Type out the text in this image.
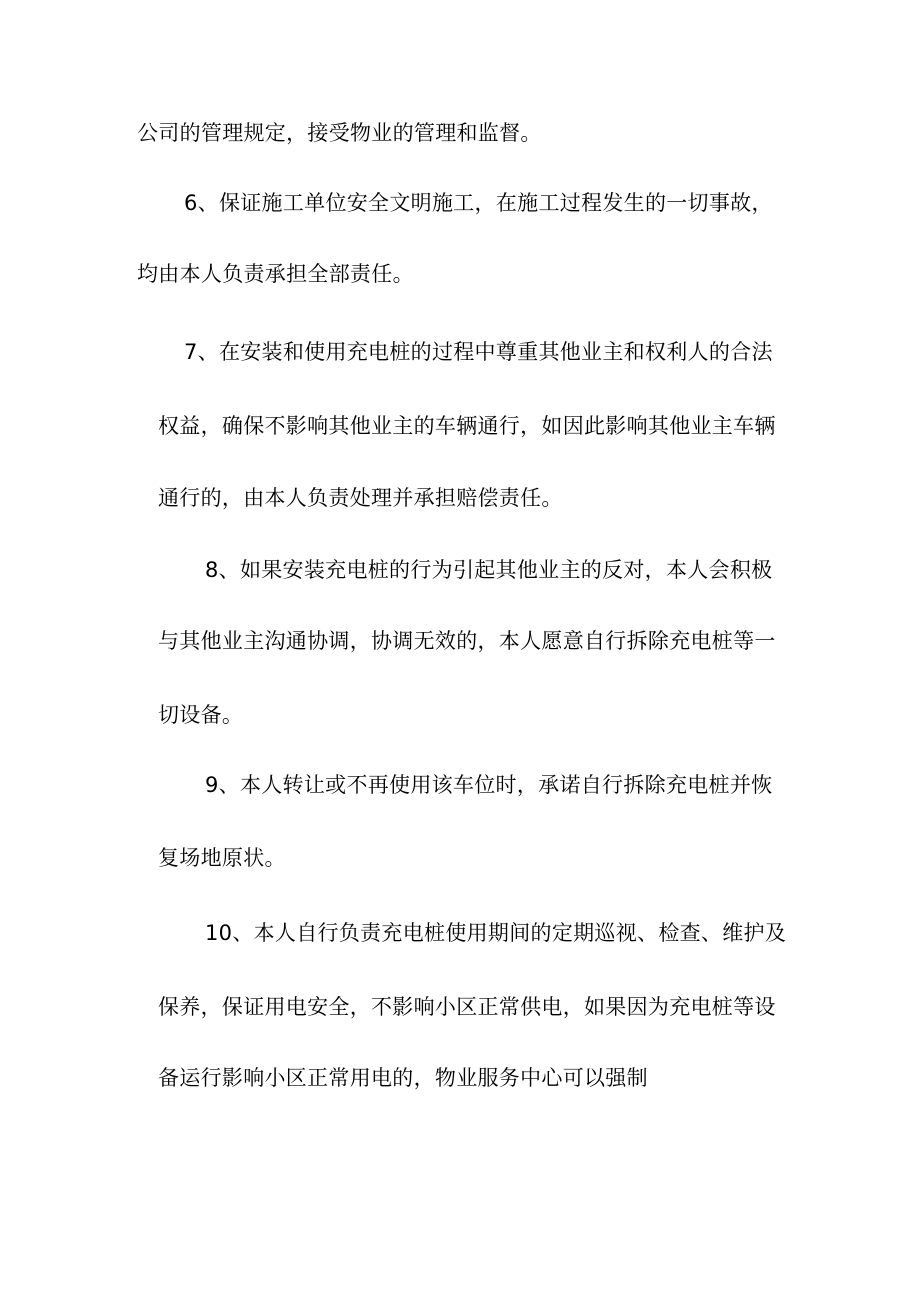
公司的管理规定，接受物业的管理和监督。
6、保证施工单位安全文明施工，在施工过程发生的一切事故，
均由本人负责承担全部责任。
7、在安装和使用充电桩的过程中尊重其他业主和权利人的合法
权益，确保不影响其他业主的车辆通行，如因此影响其他业主车辆
通行的，由本人负责处理并承担赔偿责任。
8、如果安装充电桩的行为引起其他业主的反对，本人会积极
与其他业主沟通协调，协调无效的，本人愿意自行拆除充电桩等一
切设备。
9、本人转让或不再使用该车位时，承诺自行拆除充电桩并恢
复场地原状。
10、本人自行负责充电桩使用期间的定期巡视、检查、维护及
保养，保证用电安全，不影响小区正常供电，如果因为充电桩等设
备运行影响小区正常用电的，物业服务中心可以强制
